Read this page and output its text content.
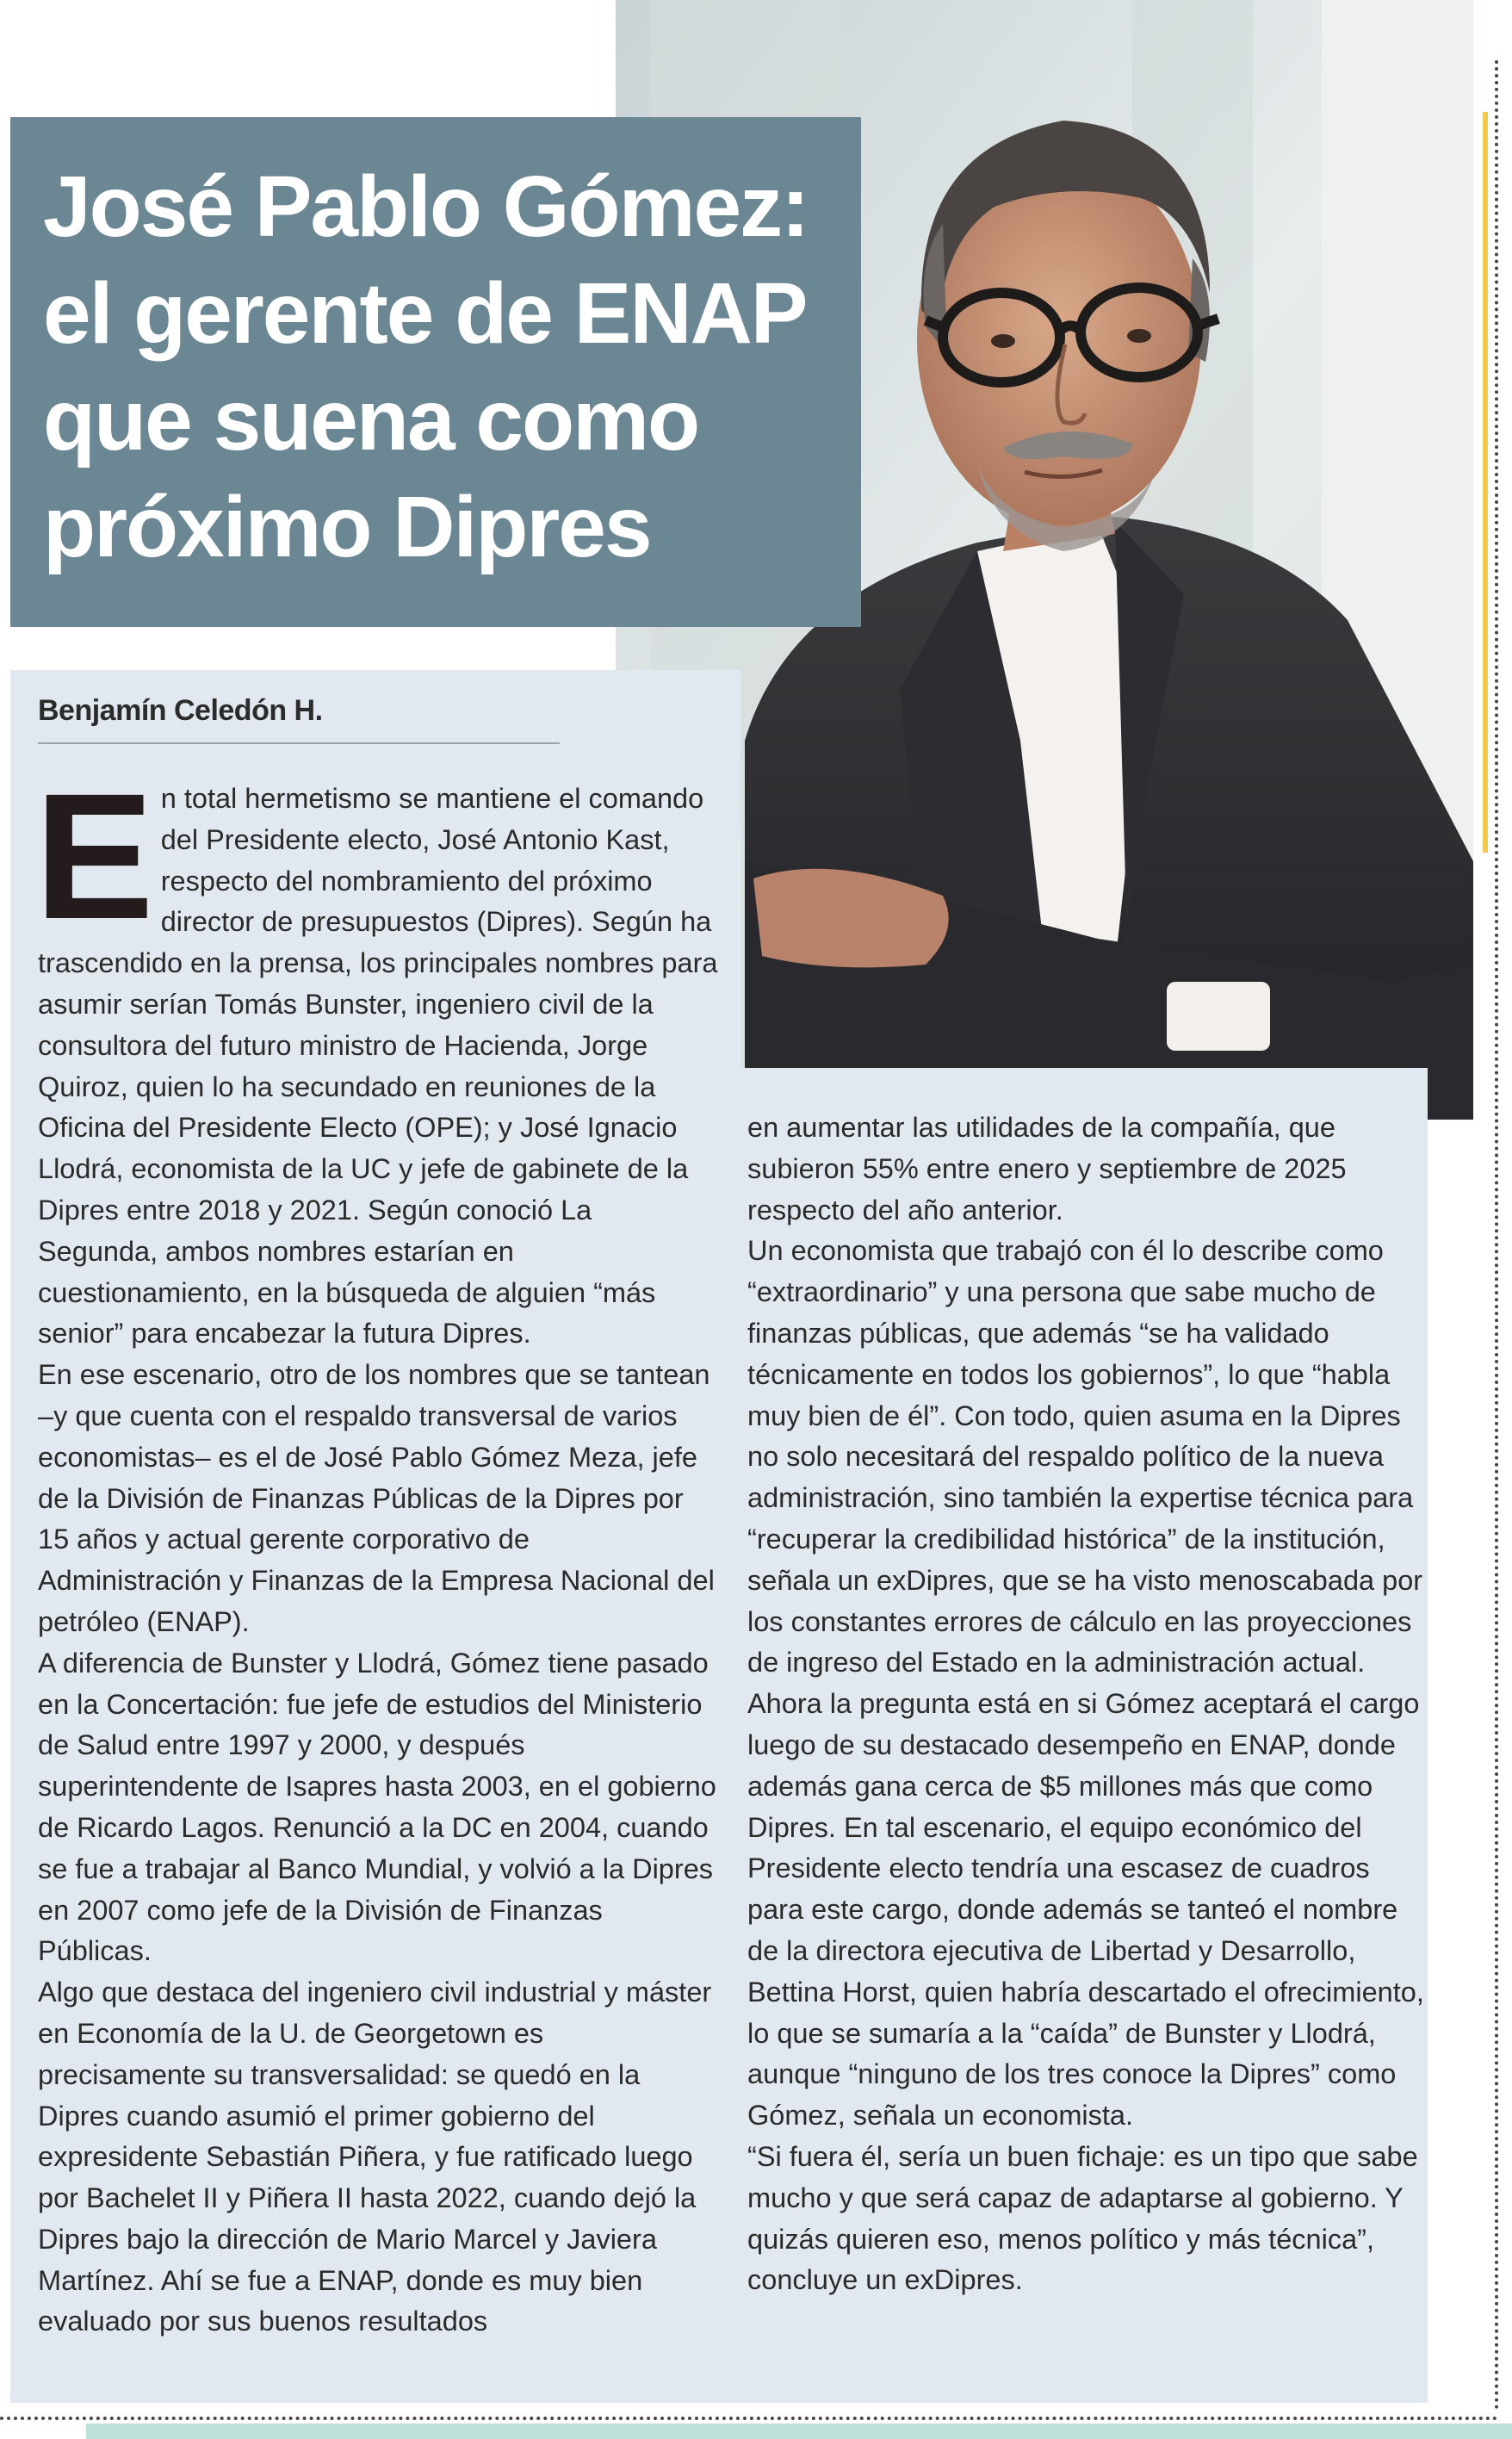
José Pablo Gómez:
el gerente de ENAP
que suena como
próximo Dipres

Benjamín Celedón H.

En total hermetismo se mantiene el comando del Presidente electo, José Antonio Kast, respecto del nombramiento del próximo director de presupuestos (Dipres). Según ha trascendido en la prensa, los principales nombres para asumir serían Tomás Bunster, ingeniero civil de la consultora del futuro ministro de Hacienda, Jorge Quiroz, quien lo ha secundado en reuniones de la Oficina del Presidente Electo (OPE); y José Ignacio Llodrá, economista de la UC y jefe de gabinete de la Dipres entre 2018 y 2021. Según conoció La Segunda, ambos nombres estarían en cuestionamiento, en la búsqueda de alguien “más senior” para encabezar la futura Dipres.

En ese escenario, otro de los nombres que se tantean –y que cuenta con el respaldo transversal de varios economistas– es el de José Pablo Gómez Meza, jefe de la División de Finanzas Públicas de la Dipres por 15 años y actual gerente corporativo de Administración y Finanzas de la Empresa Nacional del petróleo (ENAP).

A diferencia de Bunster y Llodrá, Gómez tiene pasado en la Concertación: fue jefe de estudios del Ministerio de Salud entre 1997 y 2000, y después superintendente de Isapres hasta 2003, en el gobierno de Ricardo Lagos. Renunció a la DC en 2004, cuando se fue a trabajar al Banco Mundial, y volvió a la Dipres en 2007 como jefe de la División de Finanzas Públicas.

Algo que destaca del ingeniero civil industrial y máster en Economía de la U. de Georgetown es precisamente su transversalidad: se quedó en la Dipres cuando asumió el primer gobierno del expresidente Sebastián Piñera, y fue ratificado luego por Bachelet II y Piñera II hasta 2022, cuando dejó la Dipres bajo la dirección de Mario Marcel y Javiera Martínez. Ahí se fue a ENAP, donde es muy bien evaluado por sus buenos resultados

en aumentar las utilidades de la compañía, que subieron 55% entre enero y septiembre de 2025 respecto del año anterior.

Un economista que trabajó con él lo describe como “extraordinario” y una persona que sabe mucho de finanzas públicas, que además “se ha validado técnicamente en todos los gobiernos”, lo que “habla muy bien de él”. Con todo, quien asuma en la Dipres no solo necesitará del respaldo político de la nueva administración, sino también la expertise técnica para “recuperar la credibilidad histórica” de la institución, señala un exDipres, que se ha visto menoscabada por los constantes errores de cálculo en las proyecciones de ingreso del Estado en la administración actual.

Ahora la pregunta está en si Gómez aceptará el cargo luego de su destacado desempeño en ENAP, donde además gana cerca de $5 millones más que como Dipres. En tal escenario, el equipo económico del Presidente electo tendría una escasez de cuadros para este cargo, donde además se tanteó el nombre de la directora ejecutiva de Libertad y Desarrollo, Bettina Horst, quien habría descartado el ofrecimiento, lo que se sumaría a la “caída” de Bunster y Llodrá, aunque “ninguno de los tres conoce la Dipres” como Gómez, señala un economista.

“Si fuera él, sería un buen fichaje: es un tipo que sabe mucho y que será capaz de adaptarse al gobierno. Y quizás quieren eso, menos político y más técnica”, concluye un exDipres.
